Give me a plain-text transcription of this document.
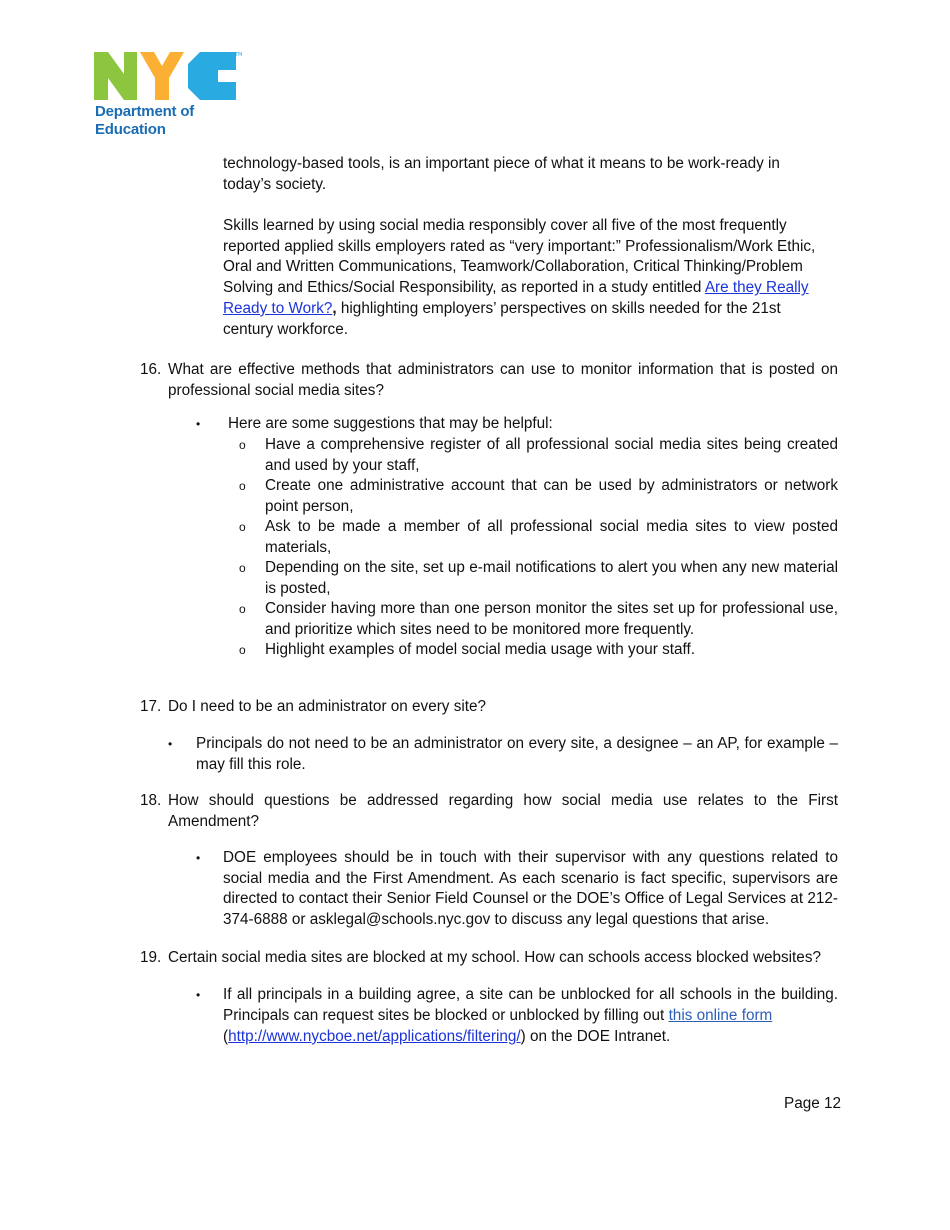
TM
Department of
Education
technology-based tools, is an important piece of what it means to be work-ready in today’s society.
Skills learned by using social media responsibly cover all five of the most frequently reported applied skills employers rated as “very important:” Professionalism/Work Ethic, Oral and Written Communications, Teamwork/Collaboration, Critical Thinking/Problem Solving and Ethics/Social Responsibility, as reported in a study entitled Are they Really Ready to Work?, highlighting employers’ perspectives on skills needed for the 21st century workforce.
16. What are effective methods that administrators can use to monitor information that is posted on professional social media sites?
• Here are some suggestions that may be helpful:
o Have a comprehensive register of all professional social media sites being created and used by your staff,
o Create one administrative account that can be used by administrators or network point person,
o Ask to be made a member of all professional social media sites to view posted materials,
o Depending on the site, set up e-mail notifications to alert you when any new material is posted,
o Consider having more than one person monitor the sites set up for professional use, and prioritize which sites need to be monitored more frequently.
o Highlight examples of model social media usage with your staff.
17. Do I need to be an administrator on every site?
• Principals do not need to be an administrator on every site, a designee – an AP, for example – may fill this role.
18. How should questions be addressed regarding how social media use relates to the First Amendment?
• DOE employees should be in touch with their supervisor with any questions related to social media and the First Amendment. As each scenario is fact specific, supervisors are directed to contact their Senior Field Counsel or the DOE’s Office of Legal Services at 212-374-6888 or asklegal@schools.nyc.gov to discuss any legal questions that arise.
19. Certain social media sites are blocked at my school. How can schools access blocked websites?
• If all principals in a building agree, a site can be unblocked for all schools in the building. Principals can request sites be blocked or unblocked by filling out this online form
(http://www.nycboe.net/applications/filtering/) on the DOE Intranet.
Page 12
